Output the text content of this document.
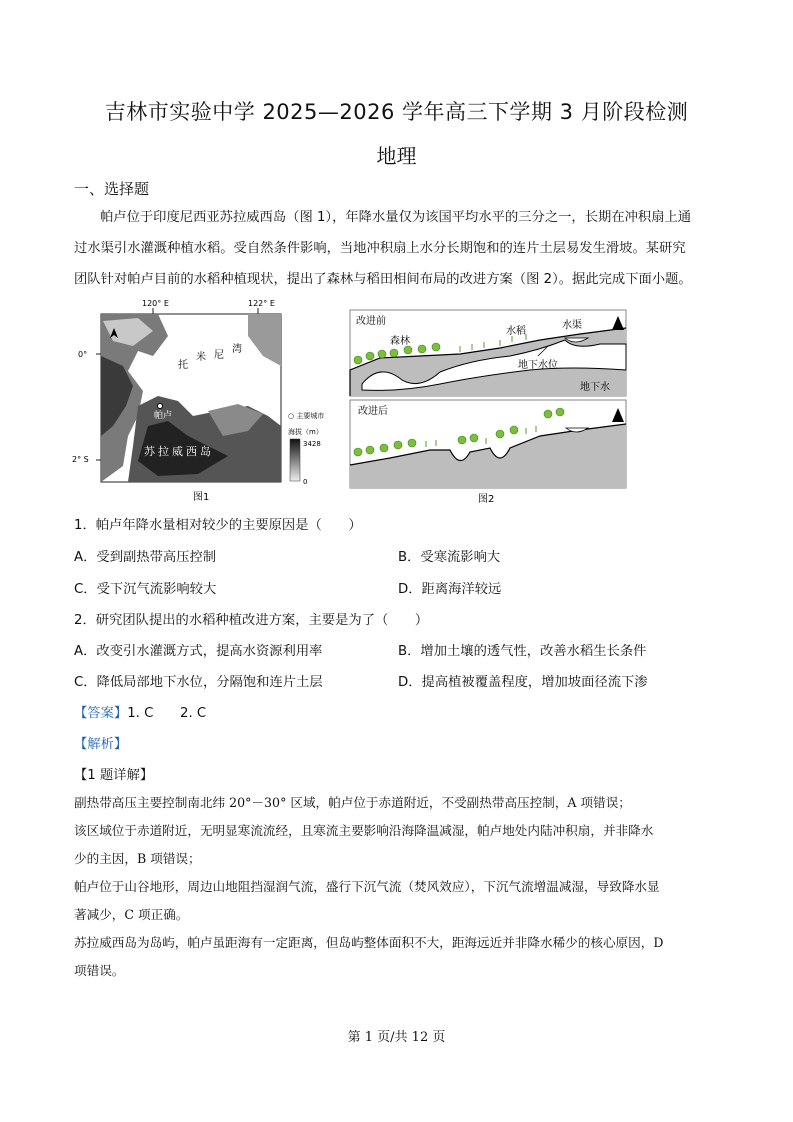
吉林市实验中学 2025—2026 学年高三下学期 3 月阶段检测
地理
一、选择题
帕卢位于印度尼西亚苏拉威西岛（图 1），年降水量仅为该国平均水平的三分之一，长期在冲积扇上通
过水渠引水灌溉种植水稻。受自然条件影响，当地冲积扇上水分长期饱和的连片土层易发生滑坡。某研究
团队针对帕卢目前的水稻种植现状，提出了森林与稻田相间布局的改进方案（图 2）。据此完成下面小题。
120° E	122° E
0°
2° S
托
米 尼
湾
帕卢
苏 拉 威 西 岛
○ 主要城市
海拔（m）
3428
0
图1
改进前
森林
水稻
水渠
地下水位
地下水
改进后
图2
1．帕卢年降水量相对较少的主要原因是（　　）
A．受到副热带高压控制	B．受寒流影响大
C．受下沉气流影响较大	D．距离海洋较远
2．研究团队提出的水稻种植改进方案，主要是为了（　　）
A．改变引水灌溉方式，提高水资源利用率	B．增加土壤的透气性，改善水稻生长条件
C．降低局部地下水位，分隔饱和连片土层	D．提高植被覆盖程度，增加坡面径流下渗
【答案】1. C　　2. C
【解析】
【1 题详解】
副热带高压主要控制南北纬 20°－30° 区域，帕卢位于赤道附近，不受副热带高压控制，A 项错误；
该区域位于赤道附近，无明显寒流流经，且寒流主要影响沿海降温减湿，帕卢地处内陆冲积扇，并非降水
少的主因，B 项错误；
帕卢位于山谷地形，周边山地阻挡湿润气流，盛行下沉气流（焚风效应），下沉气流增温减湿，导致降水显
著减少，C 项正确。
苏拉威西岛为岛屿，帕卢虽距海有一定距离，但岛屿整体面积不大，距海远近并非降水稀少的核心原因，D
项错误。
第 1 页/共 12 页
